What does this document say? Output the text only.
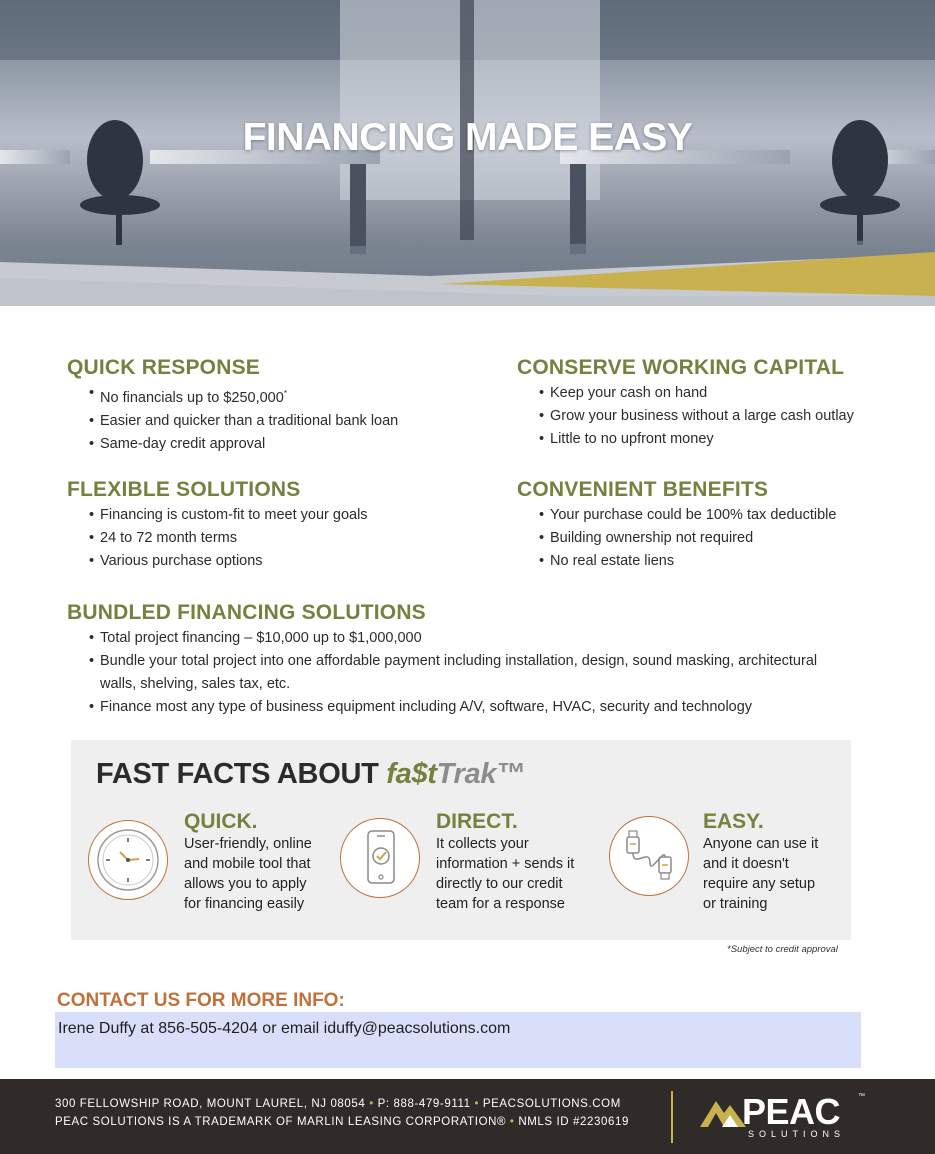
FINANCING MADE EASY
QUICK RESPONSE
• No financials up to $250,000*
• Easier and quicker than a traditional bank loan
• Same-day credit approval
CONSERVE WORKING CAPITAL
• Keep your cash on hand
• Grow your business without a large cash outlay
• Little to no upfront money
FLEXIBLE SOLUTIONS
• Financing is custom-fit to meet your goals
• 24 to 72 month terms
• Various purchase options
CONVENIENT BENEFITS
• Your purchase could be 100% tax deductible
• Building ownership not required
• No real estate liens
BUNDLED FINANCING SOLUTIONS
• Total project financing – $10,000 up to $1,000,000
• Bundle your total project into one affordable payment including installation, design, sound masking, architectural
walls, shelving, sales tax, etc.
• Finance most any type of business equipment including A/V, software, HVAC, security and technology
FAST FACTS ABOUT fa$tTrak™
QUICK.
User-friendly, online
and mobile tool that
allows you to apply
for financing easily
DIRECT.
It collects your
information + sends it
directly to our credit
team for a response
EASY.
Anyone can use it
and it doesn't
require any setup
or training
*Subject to credit approval
CONTACT US FOR MORE INFO:
Irene Duffy at 856-505-4204 or email iduffy@peacsolutions.com
300 FELLOWSHIP ROAD, MOUNT LAUREL, NJ 08054 • P: 888-479-9111 • PEACSOLUTIONS.COM
PEAC SOLUTIONS IS A TRADEMARK OF MARLIN LEASING CORPORATION® • NMLS ID #2230619	PEAC	™
SOLUTIONS
